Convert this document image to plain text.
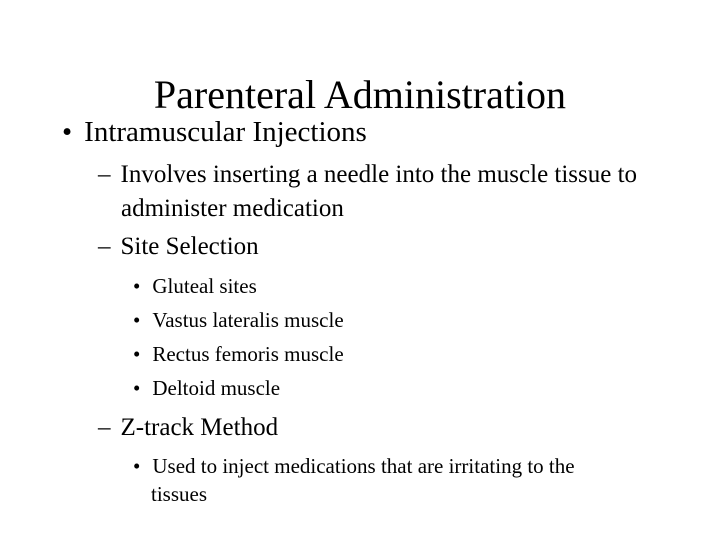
Parenteral Administration
• Intramuscular Injections
– Involves inserting a needle into the muscle tissue to
administer medication
– Site Selection
• Gluteal sites
• Vastus lateralis muscle
• Rectus femoris muscle
• Deltoid muscle
– Z-track Method
• Used to inject medications that are irritating to the
tissues
